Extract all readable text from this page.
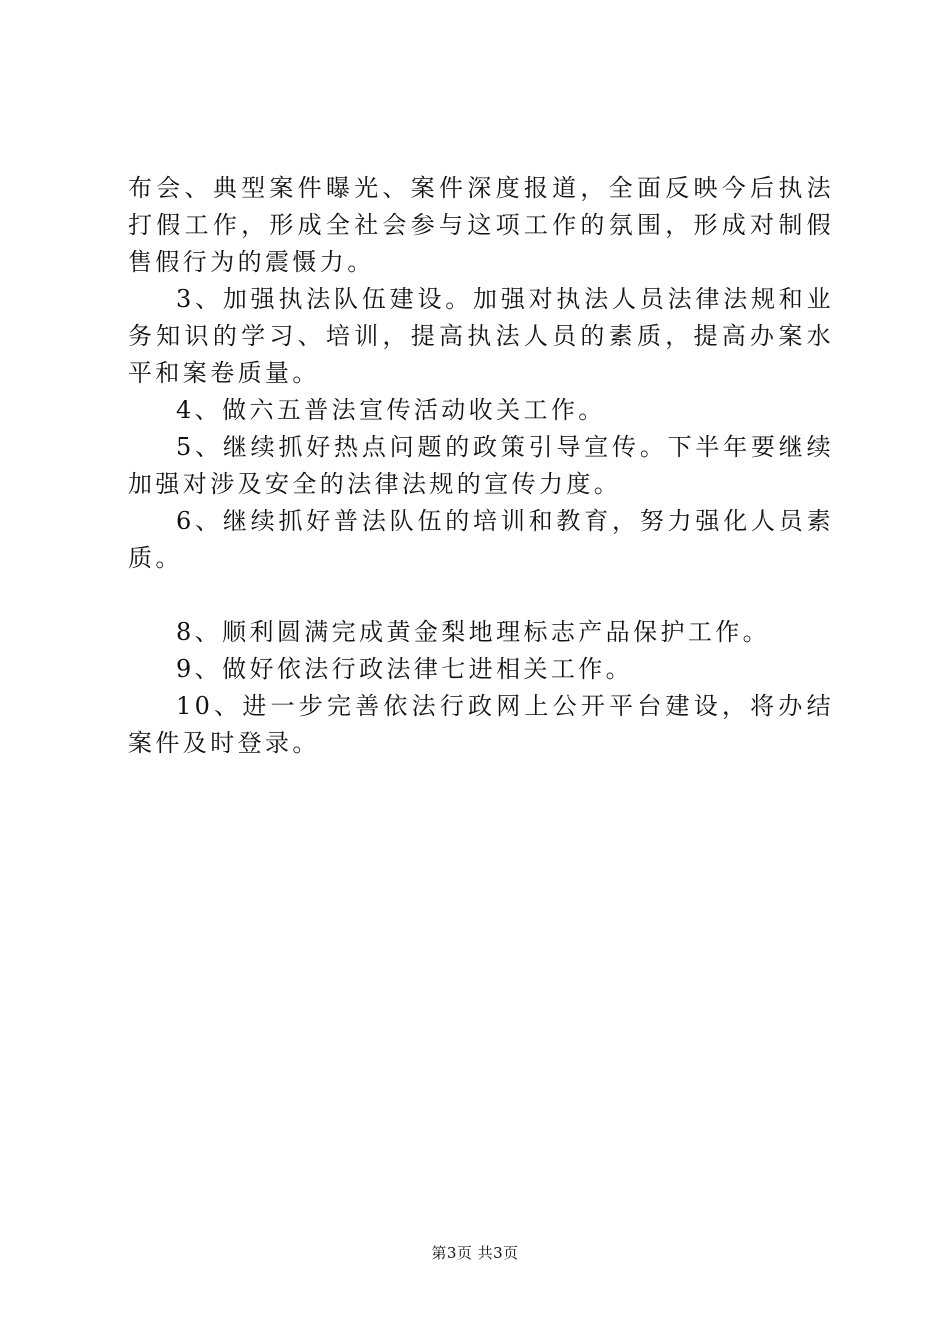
布会、典型案件曝光、案件深度报道，全面反映今后执法打假工作，形成全社会参与这项工作的氛围，形成对制假售假行为的震慑力。

3、加强执法队伍建设。加强对执法人员法律法规和业务知识的学习、培训，提高执法人员的素质，提高办案水平和案卷质量。

4、做六五普法宣传活动收关工作。

5、继续抓好热点问题的政策引导宣传。下半年要继续加强对涉及安全的法律法规的宣传力度。

6、继续抓好普法队伍的培训和教育，努力强化人员素质。

8、顺利圆满完成黄金梨地理标志产品保护工作。

9、做好依法行政法律七进相关工作。

10、进一步完善依法行政网上公开平台建设，将办结案件及时登录。

第3页 共3页
